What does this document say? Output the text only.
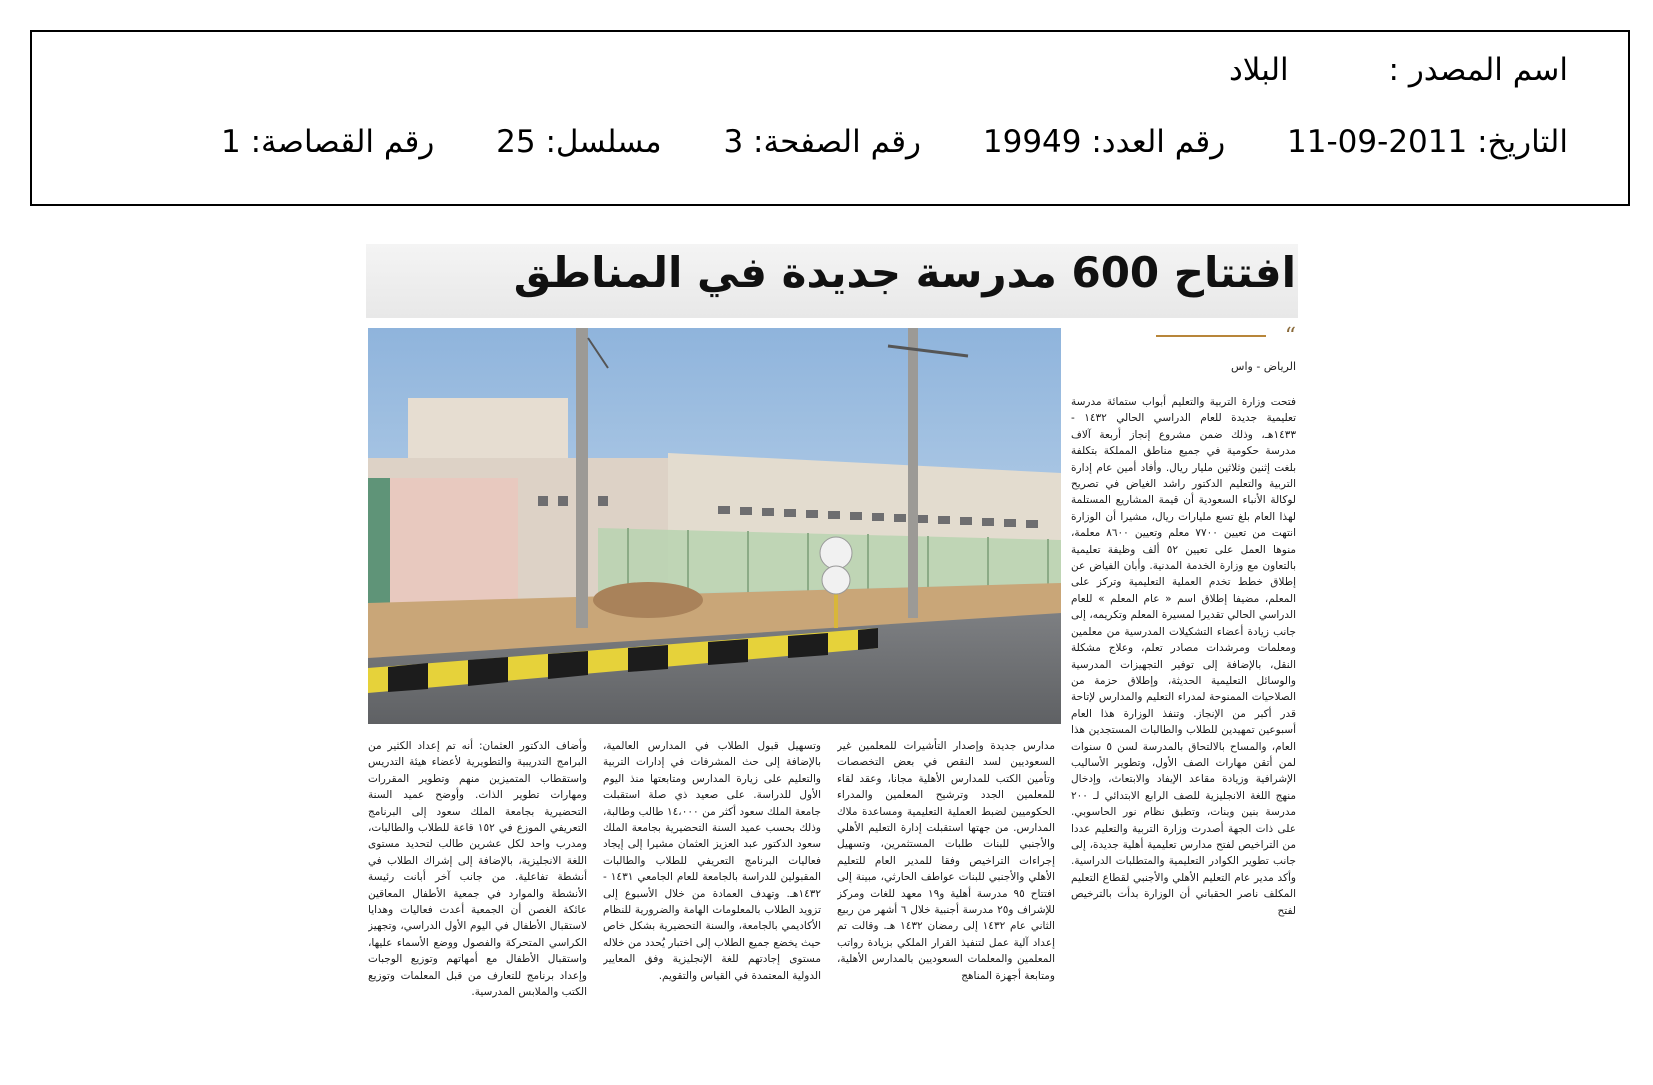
اسم المصدر : البلاد
التاريخ: 2011-09-11 رقم العدد: 19949 رقم الصفحة: 3 مسلسل: 25 رقم القصاصة: 1
افتتاح 600 مدرسة جديدة في المناطق
“
الرياض - واس
فتحت وزارة التربية والتعليم أبواب ستمائة مدرسة تعليمية جديدة للعام الدراسي الحالي ١٤٣٢ - ١٤٣٣هـ، وذلك ضمن مشروع إنجاز أربعة آلاف مدرسة حكومية في جميع مناطق المملكة بتكلفة بلغت إثنين وثلاثين مليار ريال. وأفاد أمين عام إدارة التربية والتعليم الدكتور راشد الغياض في تصريح لوكالة الأنباء السعودية أن قيمة المشاريع المستلمة لهذا العام بلغ تسع مليارات ريال، مشيرا أن الوزارة انتهت من تعيين ٧٧٠٠ معلم وتعيين ٨٦٠٠ معلمة، منوها العمل على تعيين ٥٢ ألف وظيفة تعليمية بالتعاون مع وزارة الخدمة المدنية. وأبان الفياض عن إطلاق خطط تخدم العملية التعليمية وتركز على المعلم، مضيفا إطلاق اسم « عام المعلم » للعام الدراسي الحالي تقديرا لمسيرة المعلم وتكريمه، إلى جانب زيادة أعضاء التشكيلات المدرسية من معلمين ومعلمات ومرشدات مصادر تعلم، وعلاج مشكلة النقل، بالإضافة إلى توفير التجهيزات المدرسية والوسائل التعليمية الحديثة، وإطلاق حزمة من الصلاحيات الممنوحة لمدراء التعليم والمدارس لإتاحة قدر أكبر من الإنجاز. وتنفذ الوزارة هذا العام أسبوعين تمهيدين للطلاب والطالبات المستجدين هذا العام، والمساح بالالتحاق بالمدرسة لسن ٥ سنوات لمن أتقن مهارات الصف الأول، وتطوير الأساليب الإشرافية وزيادة مقاعد الإيفاد والابتعاث، وإدخال منهج اللغة الانجليزية للصف الرابع الابتدائي لـ ٢٠٠ مدرسة بنين وبنات، وتطبق نظام نور الحاسوبي. على ذات الجهة أصدرت وزارة التربية والتعليم عددا من التراخيص لفتح مدارس تعليمية أهلية جديدة، إلى جانب تطوير الكوادر التعليمية والمتطلبات الدراسية. وأكد مدير عام التعليم الأهلي والأجنبي لقطاع التعليم المكلف ناصر الحقباني أن الوزارة بدأت بالترخيص لفتح
مدارس جديدة وإصدار التأشيرات للمعلمين غير السعوديين لسد النقص في بعض التخصصات وتأمين الكتب للمدارس الأهلية مجانا، وعقد لقاء للمعلمين الجدد وترشيح المعلمين والمدراء الحكوميين لضبط العملية التعليمية ومساعدة ملاك المدارس. من جهتها استقبلت إدارة التعليم الأهلي والأجنبي للبنات طلبات المستثمرين، وتسهيل إجراءات التراخيص وفقا للمدير العام للتعليم الأهلي والأجنبي للبنات عواطف الحارثي، مبينة إلى افتتاح ٩٥ مدرسة أهلية و١٩ معهد للغات ومركز للإشراف و٢٥ مدرسة أجنبية خلال ٦ أشهر من ربيع الثاني عام ١٤٣٢ إلى رمضان ١٤٣٢ هـ. وقالت تم إعداد آلية عمل لتنفيذ القرار الملكي بزيادة رواتب المعلمين والمعلمات السعوديين بالمدارس الأهلية، ومتابعة أجهزة المناهج
وتسهيل قبول الطلاب في المدارس العالمية، بالإضافة إلى حث المشرفات في إدارات التربية والتعليم على زيارة المدارس ومتابعتها منذ اليوم الأول للدراسة. على صعيد ذي صلة استقبلت جامعة الملك سعود أكثر من ١٤،٠٠٠ طالب وطالبة، وذلك بحسب عميد السنة التحضيرية بجامعة الملك سعود الدكتور عبد العزيز العثمان مشيرا إلى إيجاد فعاليات البرنامج التعريفي للطلاب والطالبات المقبولين للدراسة بالجامعة للعام الجامعي ١٤٣١ - ١٤٣٢هـ. وتهدف العمادة من خلال الأسبوع إلى تزويد الطلاب بالمعلومات الهامة والضرورية للنظام الأكاديمي بالجامعة، والسنة التحضيرية بشكل خاص حيث يخضع جميع الطلاب إلى اختبار يُحدد من خلاله مستوى إجادتهم للغة الإنجليزية وفق المعايير الدولية المعتمدة في القياس والتقويم.
وأضاف الدكتور العثمان: أنه تم إعداد الكثير من البرامج التدريبية والتطويرية لأعضاء هيئة التدريس واستقطاب المتميزين منهم وتطوير المقررات ومهارات تطوير الذات. وأوضح عميد السنة التحضيرية بجامعة الملك سعود إلى البرنامج التعريفي الموزع في ١٥٢ قاعة للطلاب والطالبات، ومدرب واحد لكل عشرين طالب لتحديد مستوى اللغة الانجليزية، بالإضافة إلى إشراك الطلاب في أنشطة تفاعلية. من جانب آخر أبانت رئيسة الأنشطة والموارد في جمعية الأطفال المعاقين عائكة الغصن أن الجمعية أعدت فعاليات وهدايا لاستقبال الأطفال في اليوم الأول الدراسي، وتجهيز الكراسي المتحركة والفصول ووضع الأسماء عليها، واستقبال الأطفال مع أمهاتهم وتوزيع الوجبات وإعداد برنامج للتعارف من قبل المعلمات وتوزيع الكتب والملابس المدرسية.
